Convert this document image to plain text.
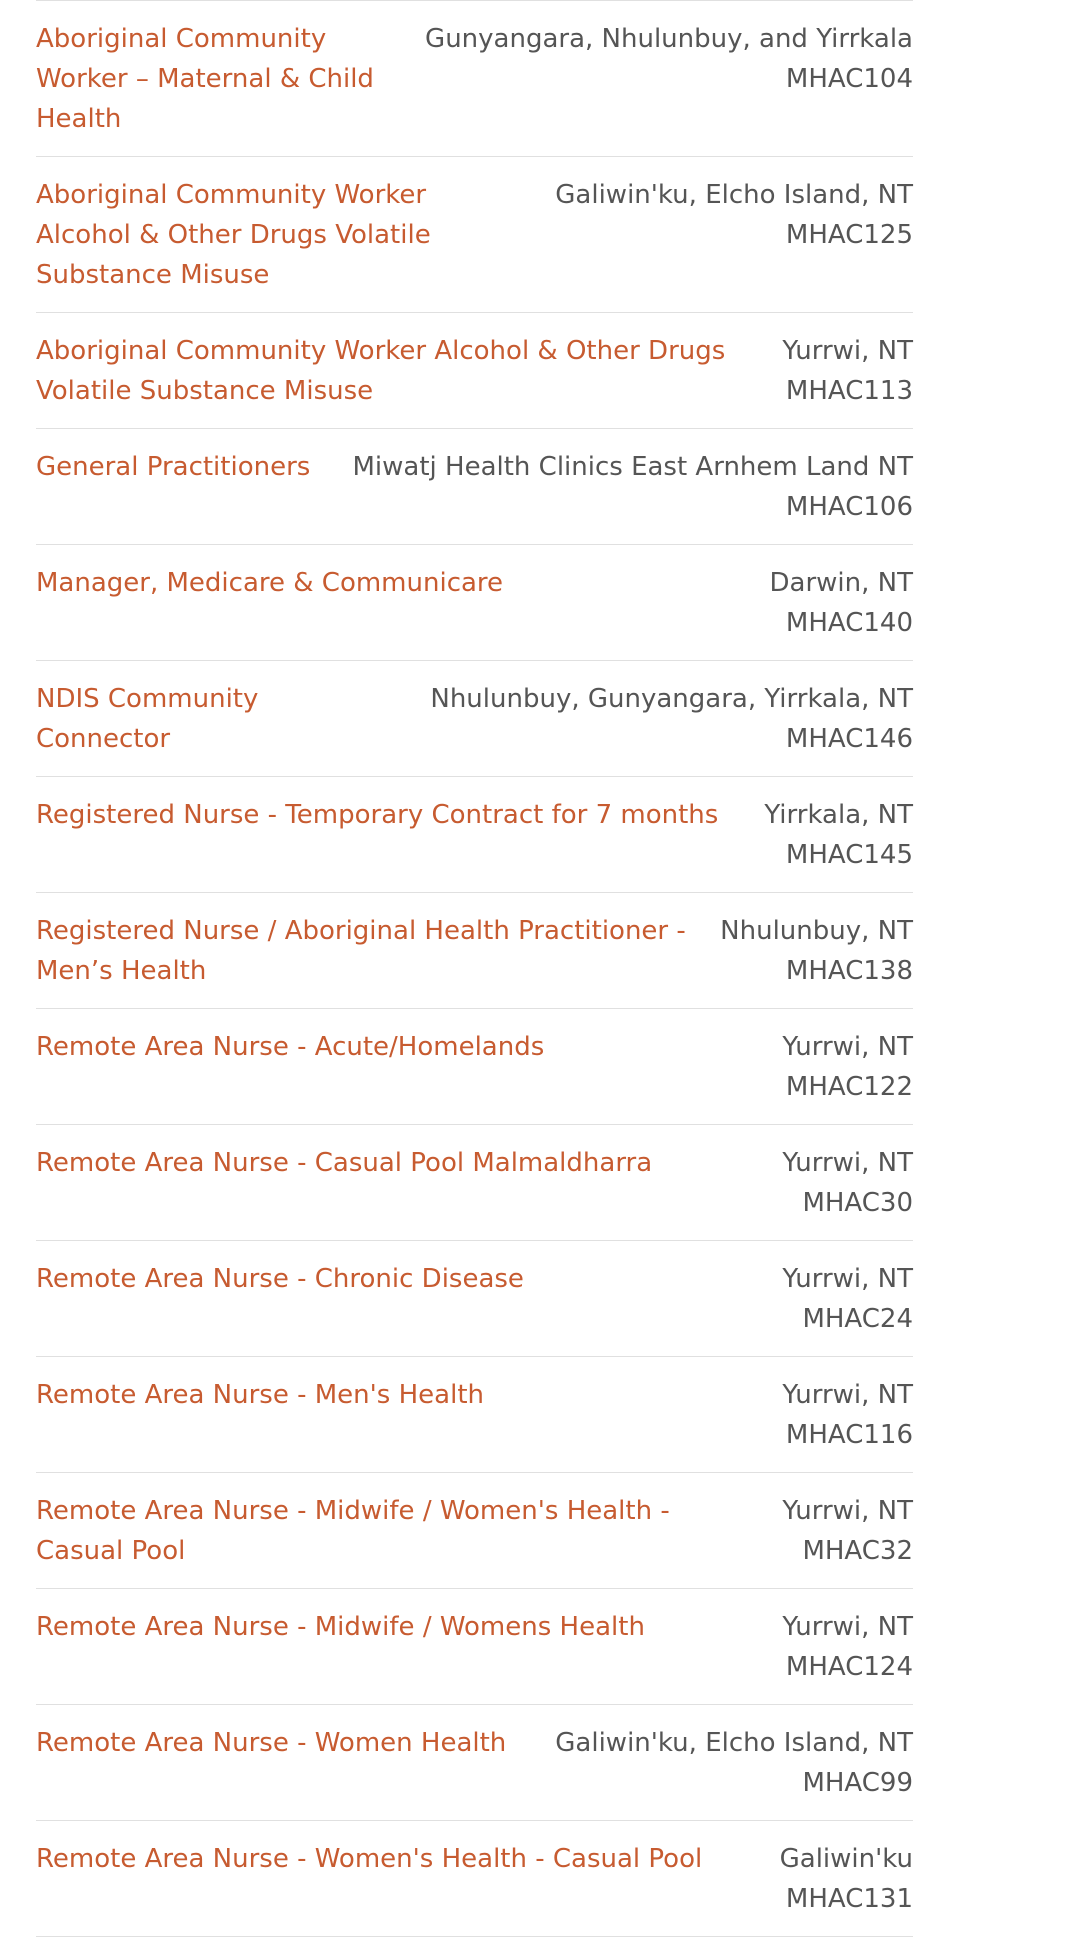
Gunyangara, Nhulunbuy, and Yirrkala
MHAC104
Aboriginal Community Worker – Maternal & Child Health
Galiwin'ku, Elcho Island, NT
MHAC125
Aboriginal Community Worker Alcohol & Other Drugs Volatile Substance Misuse
Yurrwi, NT
MHAC113
Aboriginal Community Worker Alcohol & Other Drugs Volatile Substance Misuse
Miwatj Health Clinics East Arnhem Land NT
MHAC106
General Practitioners
Darwin, NT
MHAC140
Manager, Medicare & Communicare
Nhulunbuy, Gunyangara, Yirrkala, NT
MHAC146
NDIS Community Connector
Yirrkala, NT
MHAC145
Registered Nurse - Temporary Contract for 7 months
Nhulunbuy, NT
MHAC138
Registered Nurse / Aboriginal Health Practitioner - Men’s Health
Yurrwi, NT
MHAC122
Remote Area Nurse - Acute/Homelands
Yurrwi, NT
MHAC30
Remote Area Nurse - Casual Pool Malmaldharra
Yurrwi, NT
MHAC24
Remote Area Nurse - Chronic Disease
Yurrwi, NT
MHAC116
Remote Area Nurse - Men's Health
Yurrwi, NT
MHAC32
Remote Area Nurse - Midwife / Women's Health - Casual Pool
Yurrwi, NT
MHAC124
Remote Area Nurse - Midwife / Womens Health
Galiwin'ku, Elcho Island, NT
MHAC99
Remote Area Nurse - Women Health
Galiwin'ku
MHAC131
Remote Area Nurse - Women's Health - Casual Pool
